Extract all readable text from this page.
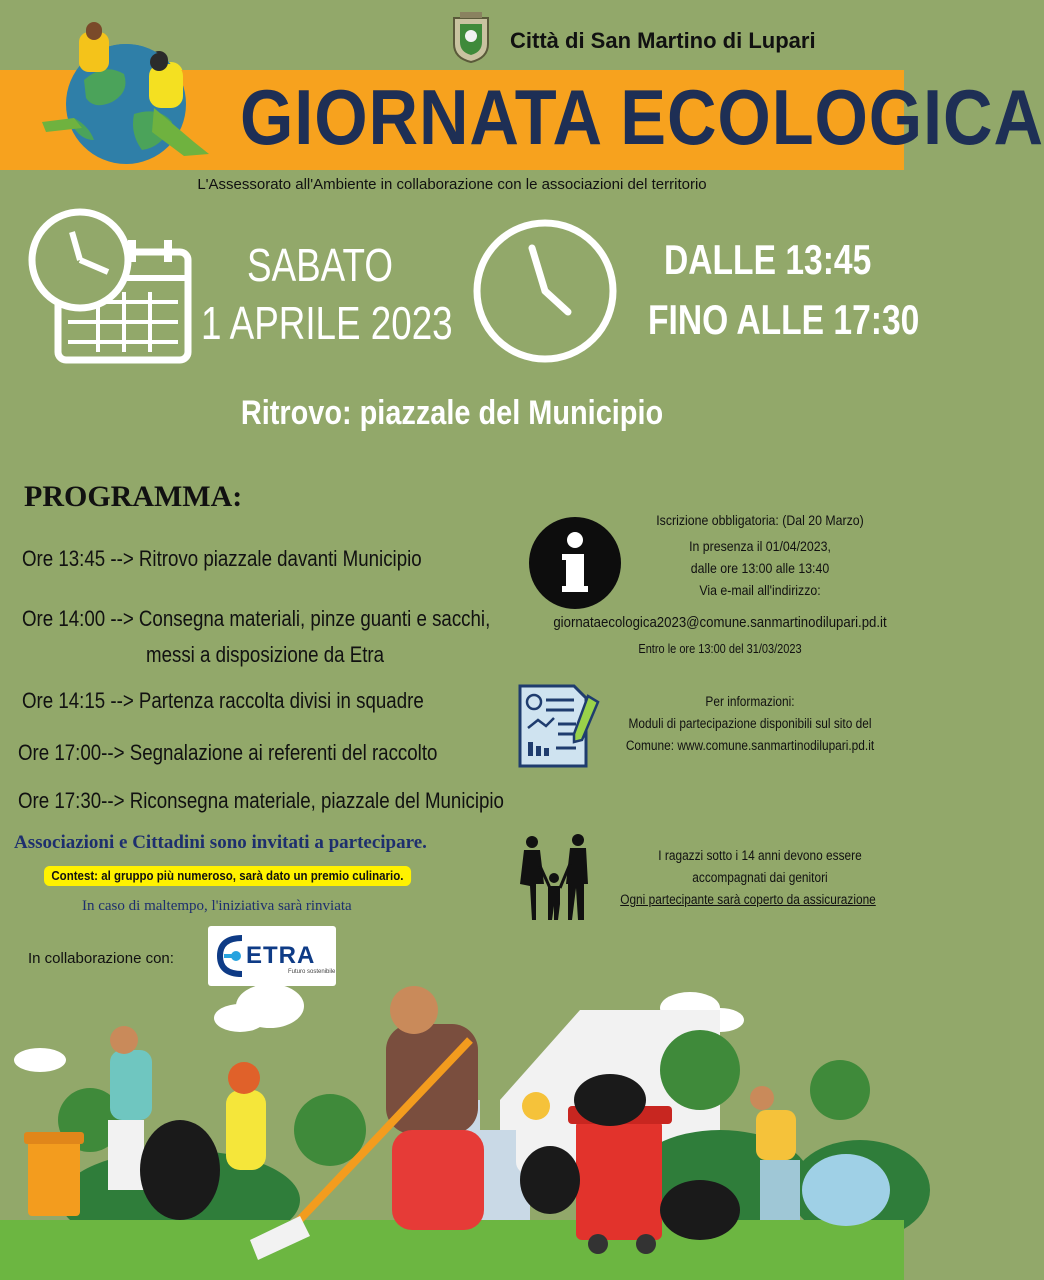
Città di San Martino di Lupari
GIORNATA ECOLOGICA
L'Assessorato all'Ambiente in collaborazione con le associazioni del territorio
SABATO
1 APRILE 2023
DALLE 13:45
FINO ALLE 17:30
Ritrovo: piazzale del Municipio
PROGRAMMA:
Ore 13:45 --> Ritrovo piazzale davanti Municipio
Ore 14:00 --> Consegna materiali, pinze guanti e sacchi,
messi a disposizione da Etra
Ore 14:15 --> Partenza raccolta divisi in squadre
Ore 17:00--> Segnalazione ai referenti del raccolto
Ore 17:30--> Riconsegna materiale, piazzale del Municipio
Iscrizione obbligatoria: (Dal 20 Marzo)
In presenza il 01/04/2023,
dalle ore 13:00 alle 13:40
Via e-mail all'indirizzo:
giornataecologica2023@comune.sanmartinodilupari.pd.it
Entro le ore 13:00 del 31/03/2023
Per informazioni:
Moduli di partecipazione disponibili sul sito del
Comune: www.comune.sanmartinodilupari.pd.it
Associazioni e Cittadini sono invitati a partecipare.
Contest: al gruppo più numeroso, sarà dato un premio culinario.
In caso di maltempo, l'iniziativa sarà rinviata
I ragazzi sotto i 14 anni devono essere
accompagnati dai genitori
Ogni partecipante sarà coperto da assicurazione
In collaborazione con:	ETRA
Futuro sostenibile
